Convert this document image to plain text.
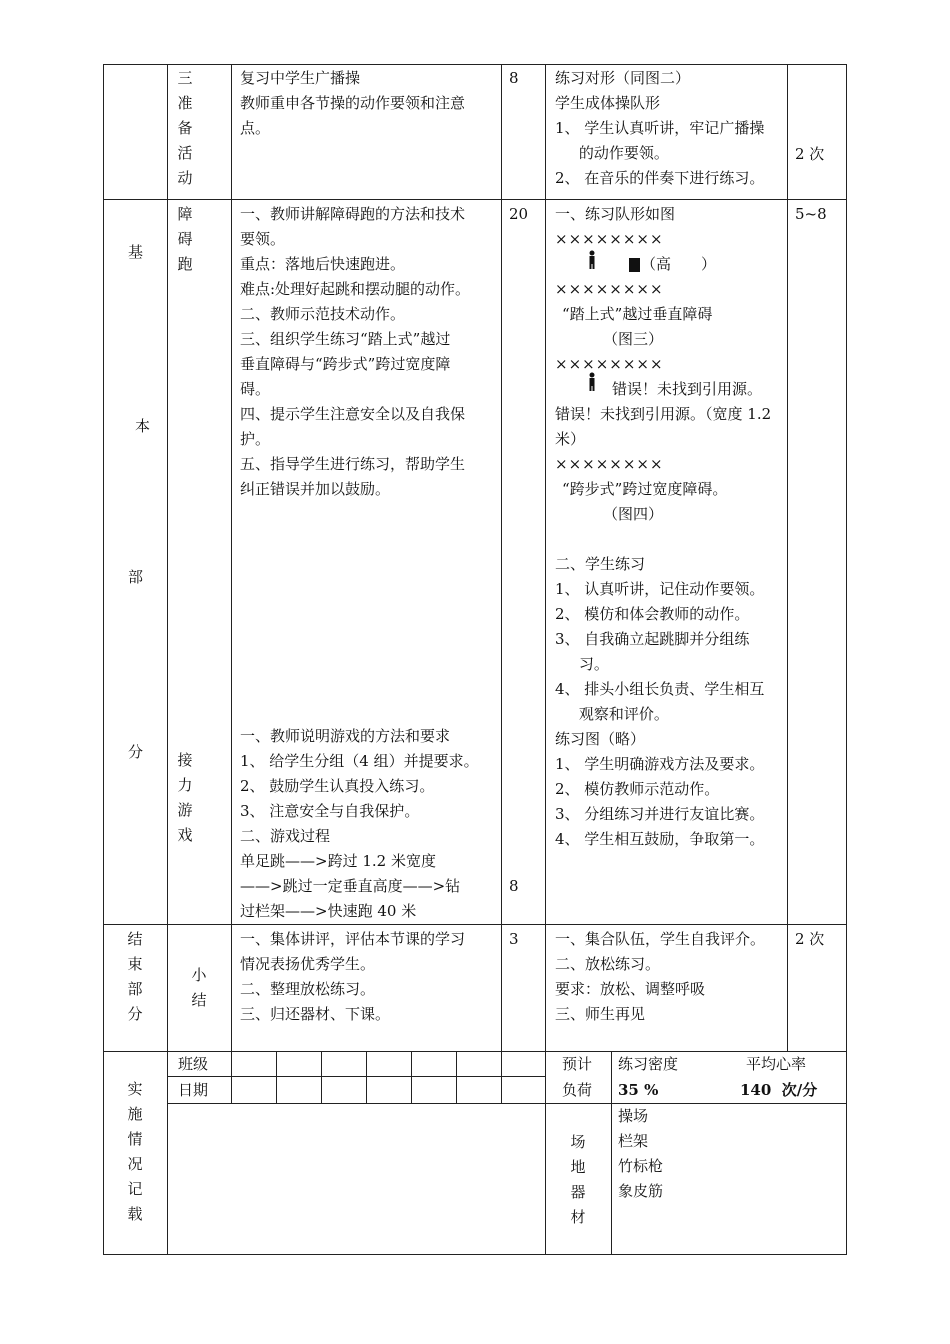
三准备活动
复习中学生广播操
教师重申各节操的动作要领和注意
点。
8 练习对形（同图二）
学生成体操队形
1、 学生认真听讲，牢记广播操
的动作要领。
2、 在音乐的伴奏下进行练习。
2 次
基
本
部
分
障碍跑
接力游戏
一、教师讲解障碍跑的方法和技术
要领。
重点：落地后快速跑进。
难点:处理好起跳和摆动腿的动作。
二、教师示范技术动作。
三、组织学生练习“踏上式”越过
垂直障碍与“跨步式”跨过宽度障
碍。
四、提示学生注意安全以及自我保
护。
五、指导学生进行练习，帮助学生
纠正错误并加以鼓励。
一、教师说明游戏的方法和要求
1、 给学生分组（4 组）并提要求。
2、 鼓励学生认真投入练习。
3、 注意安全与自我保护。
二、游戏过程
单足跳——>跨过 1.2 米宽度
——>跳过一定垂直高度——>钻
过栏架——>快速跑 40 米
20
8
5~8
一、练习队形如图
××××××××
（高　　）
××××××××
“踏上式”越过垂直障碍
（图三）
××××××××
错误！未找到引用源。
错误！未找到引用源。（宽度 1.2
米）
××××××××
“跨步式”跨过宽度障碍。
（图四）
二、学生练习
1、 认真听讲，记住动作要领。
2、 模仿和体会教师的动作。
3、 自我确立起跳脚并分组练
习。
4、 排头小组长负责、学生相互
观察和评价。
练习图（略）
1、 学生明确游戏方法及要求。
2、 模仿教师示范动作。
3、 分组练习并进行友谊比赛。
4、 学生相互鼓励，争取第一。
结束部分
小结
一、集体讲评，评估本节课的学习
情况表扬优秀学生。
二、整理放松练习。
三、归还器材、下课。
3 一、集合队伍，学生自我评介。
二、放松练习。
要求：放松、调整呼吸
三、师生再见
2 次
实施情况记载
班级
日期
预计
负荷
练习密度	平均心率
35 %	140  次/分
场地器材
操场
栏架
竹标枪
象皮筋
